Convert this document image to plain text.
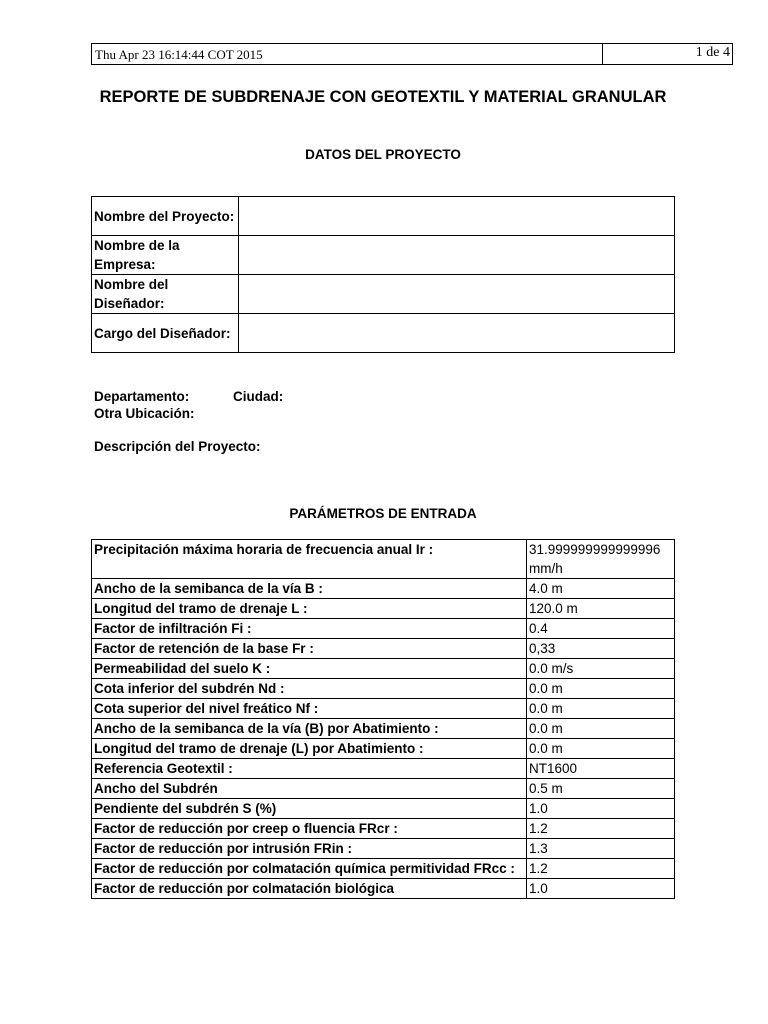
Thu Apr 23 16:14:44 COT 2015	1 de 4
REPORTE DE SUBDRENAJE CON GEOTEXTIL Y MATERIAL GRANULAR
DATOS DEL PROYECTO
Nombre del Proyecto:	
Nombre de la Empresa:	
Nombre del Diseñador:	
Cargo del Diseñador:	
Departamento:	Ciudad:
Otra Ubicación:
Descripción del Proyecto:
PARÁMETROS DE ENTRADA
Precipitación máxima horaria de frecuencia anual Ir :	31.999999999999996 mm/h
Ancho de la semibanca de la vía B :	4.0 m
Longitud del tramo de drenaje L :	120.0 m
Factor de infiltración Fi :	0.4
Factor de retención de la base Fr :	0,33
Permeabilidad del suelo K :	0.0 m/s
Cota inferior del subdrén Nd :	0.0 m
Cota superior del nivel freático Nf :	0.0 m
Ancho de la semibanca de la vía (B) por Abatimiento :	0.0 m
Longitud del tramo de drenaje (L) por Abatimiento :	0.0 m
Referencia Geotextil :	NT1600
Ancho del Subdrén	0.5 m
Pendiente del subdrén S (%)	1.0
Factor de reducción por creep o fluencia FRcr :	1.2
Factor de reducción por intrusión FRin :	1.3
Factor de reducción por colmatación química permitividad FRcc :	1.2
Factor de reducción por colmatación biológica	1.0
